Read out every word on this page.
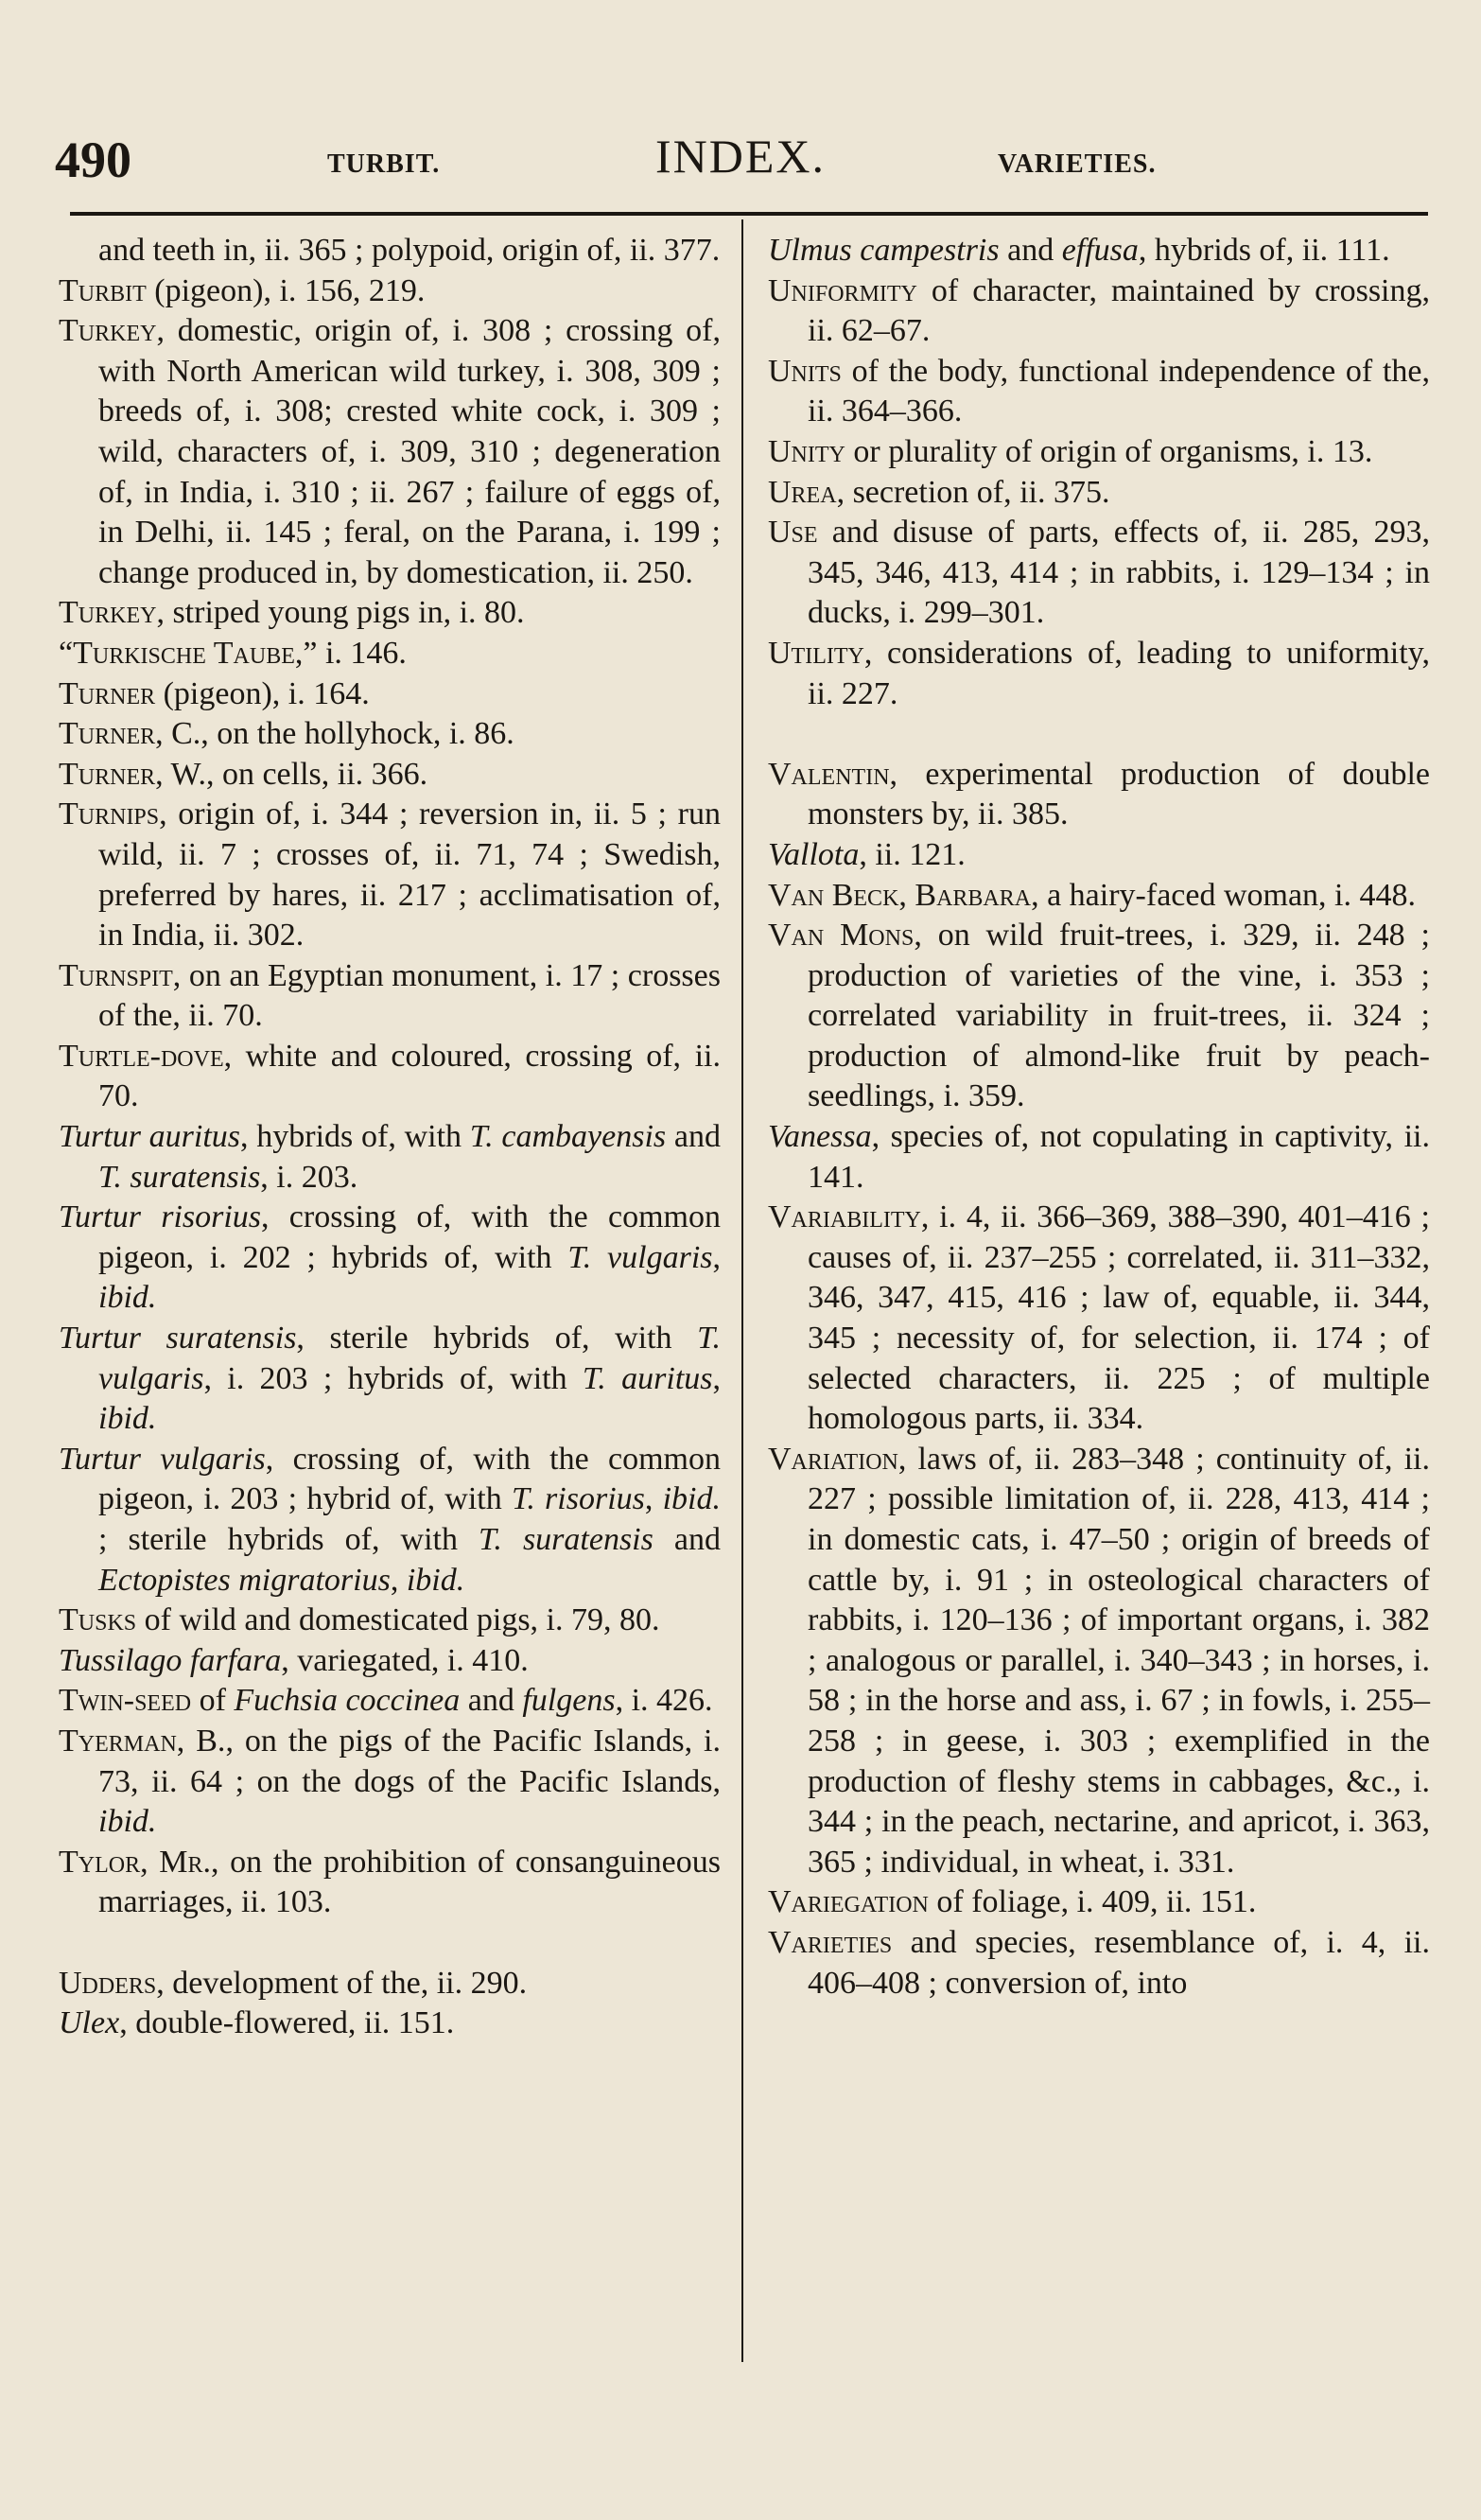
490	TURBIT.	INDEX.	VARIETIES.

and teeth in, ii. 365 ; polypoid, origin of, ii. 377.

Turbit (pigeon), i. 156, 219.

Turkey, domestic, origin of, i. 308 ; crossing of, with North American wild turkey, i. 308, 309 ; breeds of, i. 308; crested white cock, i. 309 ; wild, characters of, i. 309, 310 ; degeneration of, in India, i. 310 ; ii. 267 ; failure of eggs of, in Delhi, ii. 145 ; feral, on the Parana, i. 199 ; change produced in, by domestication, ii. 250.

Turkey, striped young pigs in, i. 80.

“Turkische Taube,” i. 146.

Turner (pigeon), i. 164.

Turner, C., on the hollyhock, i. 86.

Turner, W., on cells, ii. 366.

Turnips, origin of, i. 344 ; reversion in, ii. 5 ; run wild, ii. 7 ; crosses of, ii. 71, 74 ; Swedish, preferred by hares, ii. 217 ; acclimatisation of, in India, ii. 302.

Turnspit, on an Egyptian monument, i. 17 ; crosses of the, ii. 70.

Turtle-dove, white and coloured, crossing of, ii. 70.

Turtur auritus, hybrids of, with T. cambayensis and T. suratensis, i. 203.

Turtur risorius, crossing of, with the common pigeon, i. 202 ; hybrids of, with T. vulgaris, ibid.

Turtur suratensis, sterile hybrids of, with T. vulgaris, i. 203 ; hybrids of, with T. auritus, ibid.

Turtur vulgaris, crossing of, with the common pigeon, i. 203 ; hybrid of, with T. risorius, ibid. ; sterile hybrids of, with T. suratensis and Ectopistes migratorius, ibid.

Tusks of wild and domesticated pigs, i. 79, 80.

Tussilago farfara, variegated, i. 410.

Twin-seed of Fuchsia coccinea and fulgens, i. 426.

Tyerman, B., on the pigs of the Pacific Islands, i. 73, ii. 64 ; on the dogs of the Pacific Islands, ibid.

Tylor, Mr., on the prohibition of consanguineous marriages, ii. 103.

Udders, development of the, ii. 290.

Ulex, double-flowered, ii. 151.

Ulmus campestris and effusa, hybrids of, ii. 111.

Uniformity of character, maintained by crossing, ii. 62–67.

Units of the body, functional independence of the, ii. 364–366.

Unity or plurality of origin of organisms, i. 13.

Urea, secretion of, ii. 375.

Use and disuse of parts, effects of, ii. 285, 293, 345, 346, 413, 414 ; in rabbits, i. 129–134 ; in ducks, i. 299–301.

Utility, considerations of, leading to uniformity, ii. 227.

Valentin, experimental production of double monsters by, ii. 385.

Vallota, ii. 121.

Van Beck, Barbara, a hairy-faced woman, i. 448.

Van Mons, on wild fruit-trees, i. 329, ii. 248 ; production of varieties of the vine, i. 353 ; correlated variability in fruit-trees, ii. 324 ; production of almond-like fruit by peach-seedlings, i. 359.

Vanessa, species of, not copulating in captivity, ii. 141.

Variability, i. 4, ii. 366–369, 388–390, 401–416 ; causes of, ii. 237–255 ; correlated, ii. 311–332, 346, 347, 415, 416 ; law of, equable, ii. 344, 345 ; necessity of, for selection, ii. 174 ; of selected characters, ii. 225 ; of multiple homologous parts, ii. 334.

Variation, laws of, ii. 283–348 ; continuity of, ii. 227 ; possible limitation of, ii. 228, 413, 414 ; in domestic cats, i. 47–50 ; origin of breeds of cattle by, i. 91 ; in osteological characters of rabbits, i. 120–136 ; of important organs, i. 382 ; analogous or parallel, i. 340–343 ; in horses, i. 58 ; in the horse and ass, i. 67 ; in fowls, i. 255–258 ; in geese, i. 303 ; exemplified in the production of fleshy stems in cabbages, &c., i. 344 ; in the peach, nectarine, and apricot, i. 363, 365 ; individual, in wheat, i. 331.

Variegation of foliage, i. 409, ii. 151.

Varieties and species, resemblance of, i. 4, ii. 406–408 ; conversion of, into
